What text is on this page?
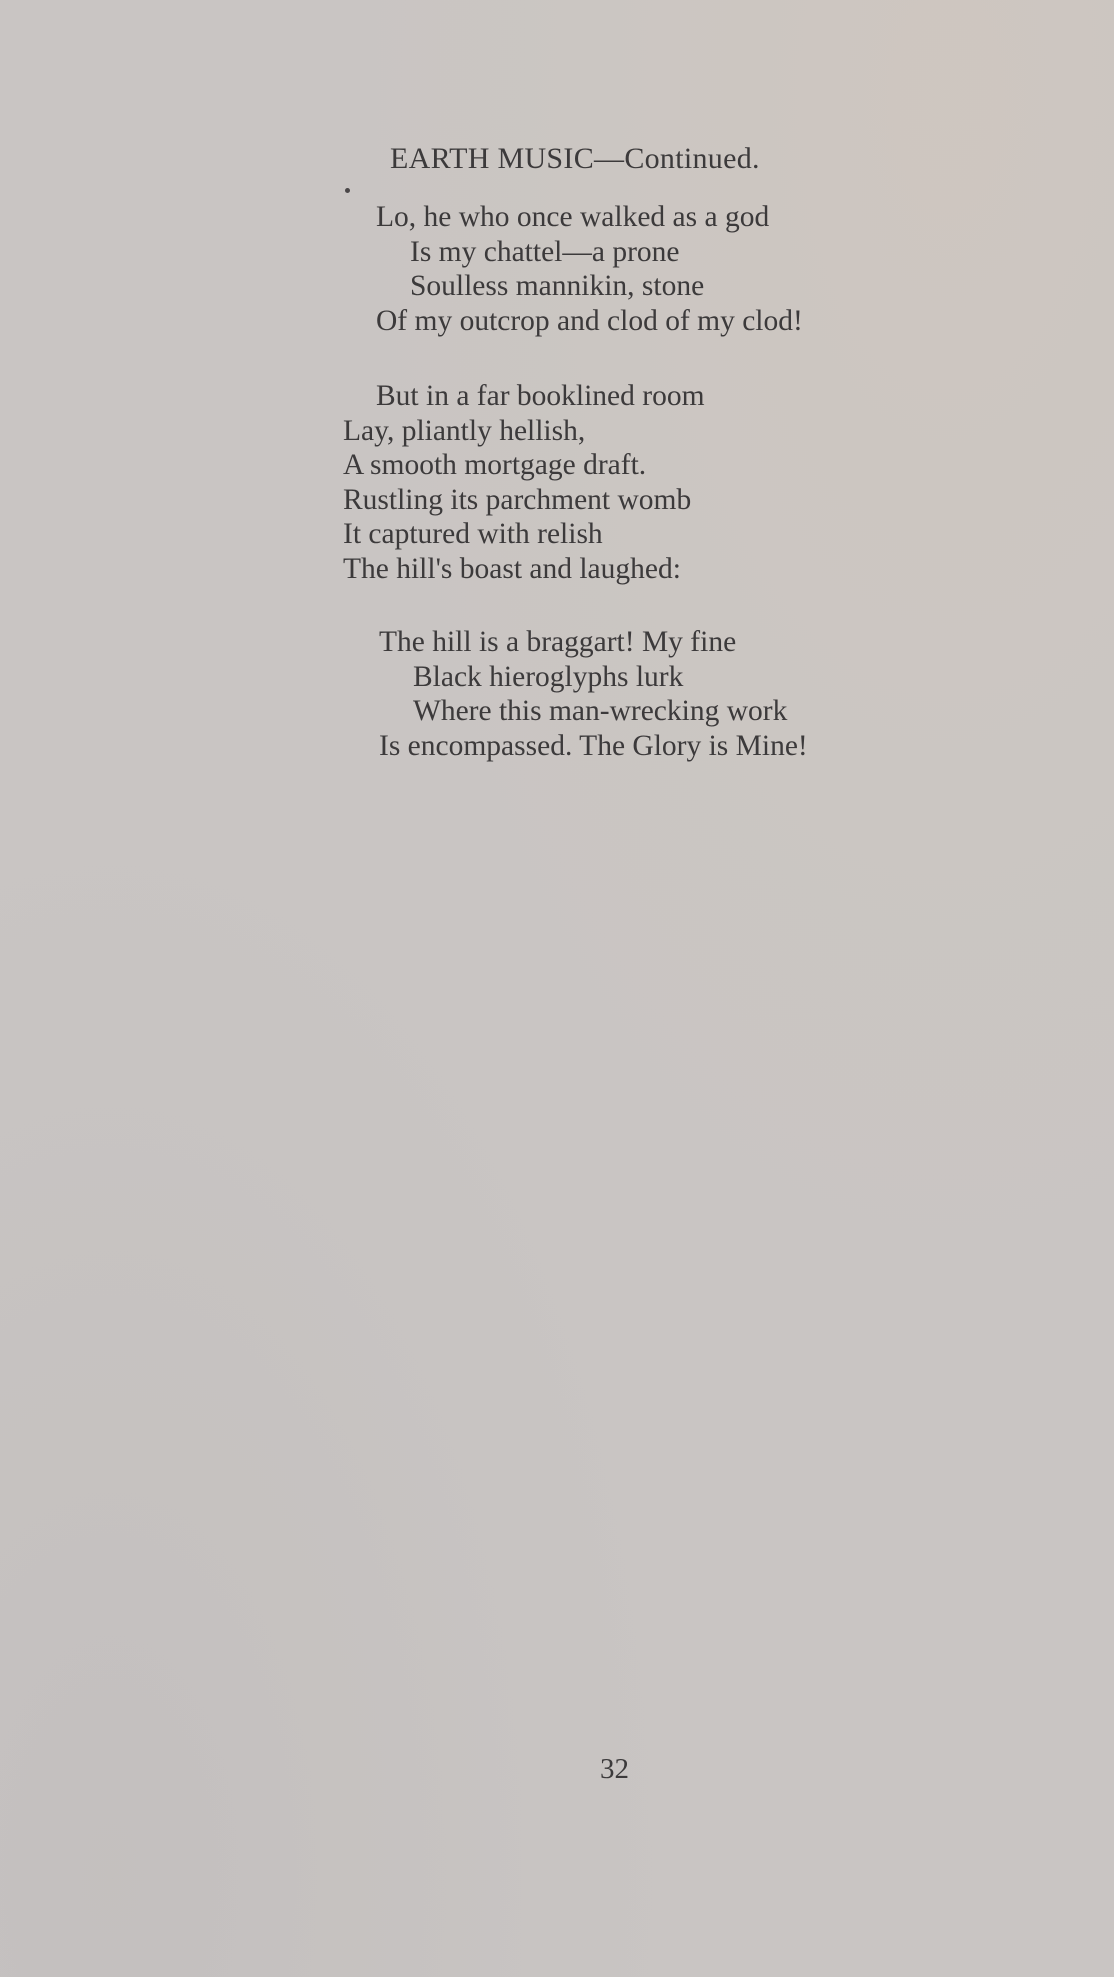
EARTH MUSIC—Continued.
Lo, he who once walked as a god
Is my chattel—a prone
Soulless mannikin, stone
Of my outcrop and clod of my clod!
But in a far booklined room
Lay, pliantly hellish,
A smooth mortgage draft.
Rustling its parchment womb
It captured with relish
The hill's boast and laughed:
The hill is a braggart! My fine
Black hieroglyphs lurk
Where this man-wrecking work
Is encompassed. The Glory is Mine!
32
